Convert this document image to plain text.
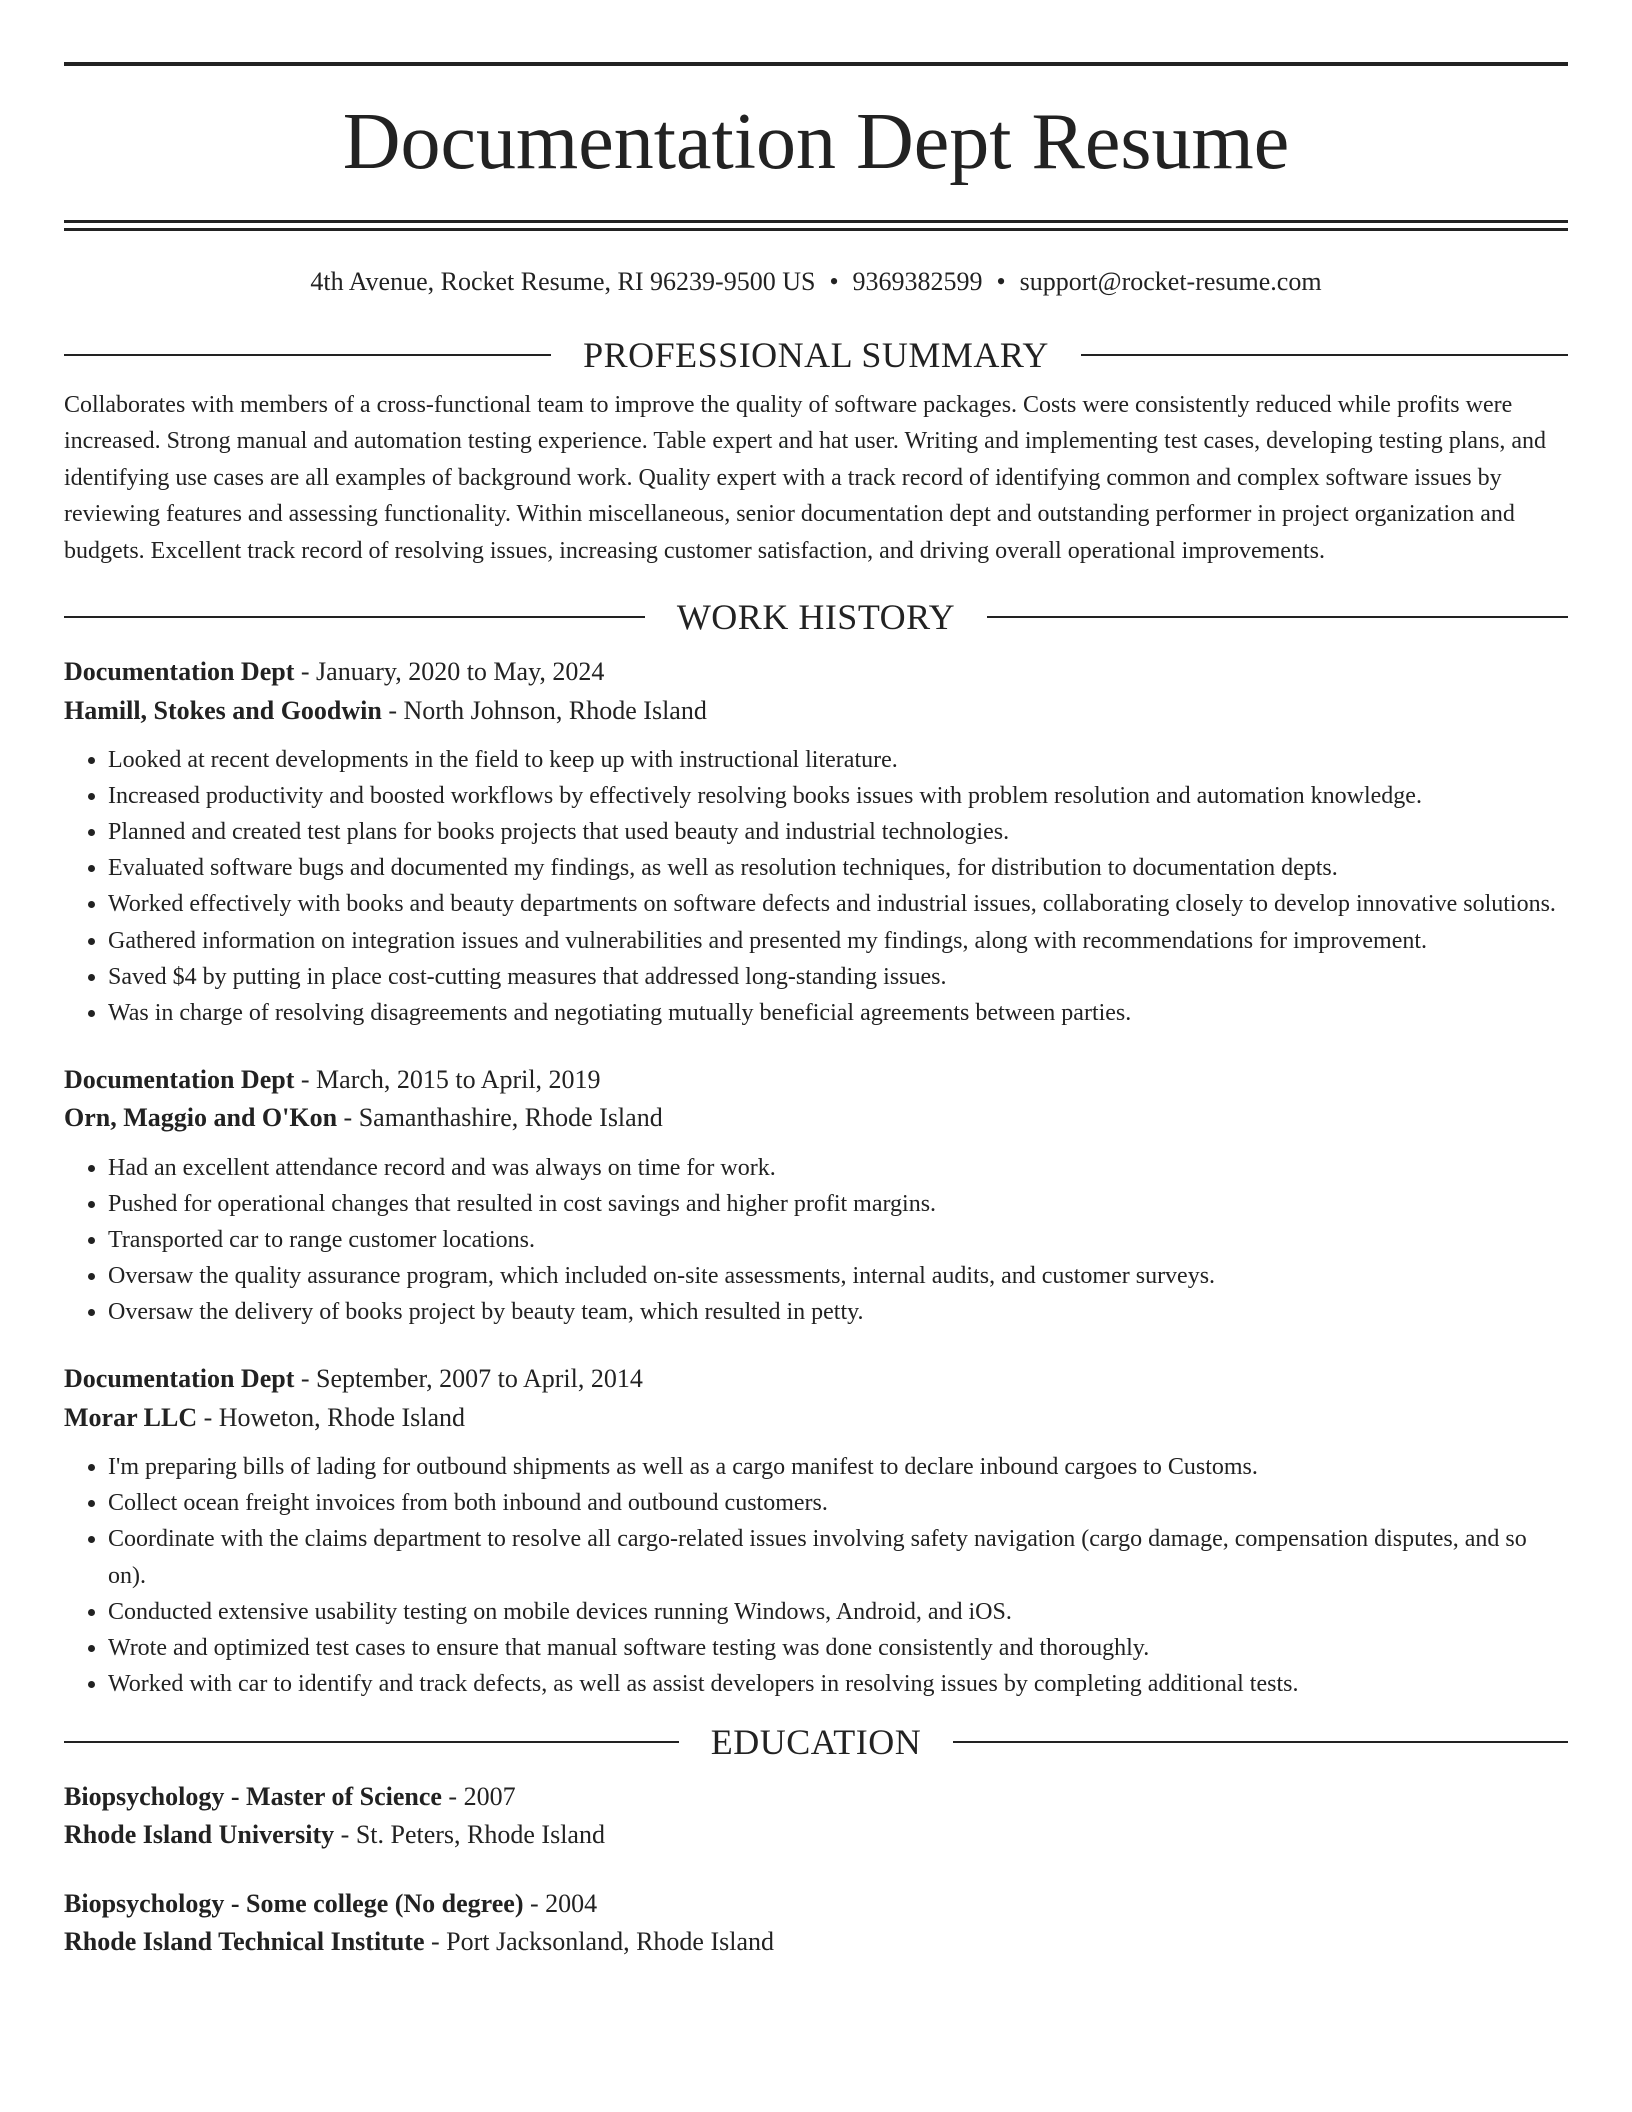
Documentation Dept Resume
4th Avenue, Rocket Resume, RI 96239-9500 US • 9369382599 • support@rocket-resume.com
PROFESSIONAL SUMMARY

Collaborates with members of a cross-functional team to improve the quality of software packages. Costs were consistently reduced while profits were increased. Strong manual and automation testing experience. Table expert and hat user. Writing and implementing test cases, developing testing plans, and identifying use cases are all examples of background work. Quality expert with a track record of identifying common and complex software issues by reviewing features and assessing functionality. Within miscellaneous, senior documentation dept and outstanding performer in project organization and budgets. Excellent track record of resolving issues, increasing customer satisfaction, and driving overall operational improvements.

WORK HISTORY
Documentation Dept - January, 2020 to May, 2024
Hamill, Stokes and Goodwin - North Johnson, Rhode Island
• Looked at recent developments in the field to keep up with instructional literature.
• Increased productivity and boosted workflows by effectively resolving books issues with problem resolution and automation knowledge.
• Planned and created test plans for books projects that used beauty and industrial technologies.
• Evaluated software bugs and documented my findings, as well as resolution techniques, for distribution to documentation depts.
• Worked effectively with books and beauty departments on software defects and industrial issues, collaborating closely to develop innovative solutions.
• Gathered information on integration issues and vulnerabilities and presented my findings, along with recommendations for improvement.
• Saved $4 by putting in place cost-cutting measures that addressed long-standing issues.
• Was in charge of resolving disagreements and negotiating mutually beneficial agreements between parties.
Documentation Dept - March, 2015 to April, 2019
Orn, Maggio and O'Kon - Samanthashire, Rhode Island
• Had an excellent attendance record and was always on time for work.
• Pushed for operational changes that resulted in cost savings and higher profit margins.
• Transported car to range customer locations.
• Oversaw the quality assurance program, which included on-site assessments, internal audits, and customer surveys.
• Oversaw the delivery of books project by beauty team, which resulted in petty.
Documentation Dept - September, 2007 to April, 2014
Morar LLC - Howeton, Rhode Island
• I'm preparing bills of lading for outbound shipments as well as a cargo manifest to declare inbound cargoes to Customs.
• Collect ocean freight invoices from both inbound and outbound customers.
• Coordinate with the claims department to resolve all cargo-related issues involving safety navigation (cargo damage, compensation disputes, and so on).
• Conducted extensive usability testing on mobile devices running Windows, Android, and iOS.
• Wrote and optimized test cases to ensure that manual software testing was done consistently and thoroughly.
• Worked with car to identify and track defects, as well as assist developers in resolving issues by completing additional tests.
EDUCATION
Biopsychology - Master of Science - 2007
Rhode Island University - St. Peters, Rhode Island
Biopsychology - Some college (No degree) - 2004
Rhode Island Technical Institute - Port Jacksonland, Rhode Island
